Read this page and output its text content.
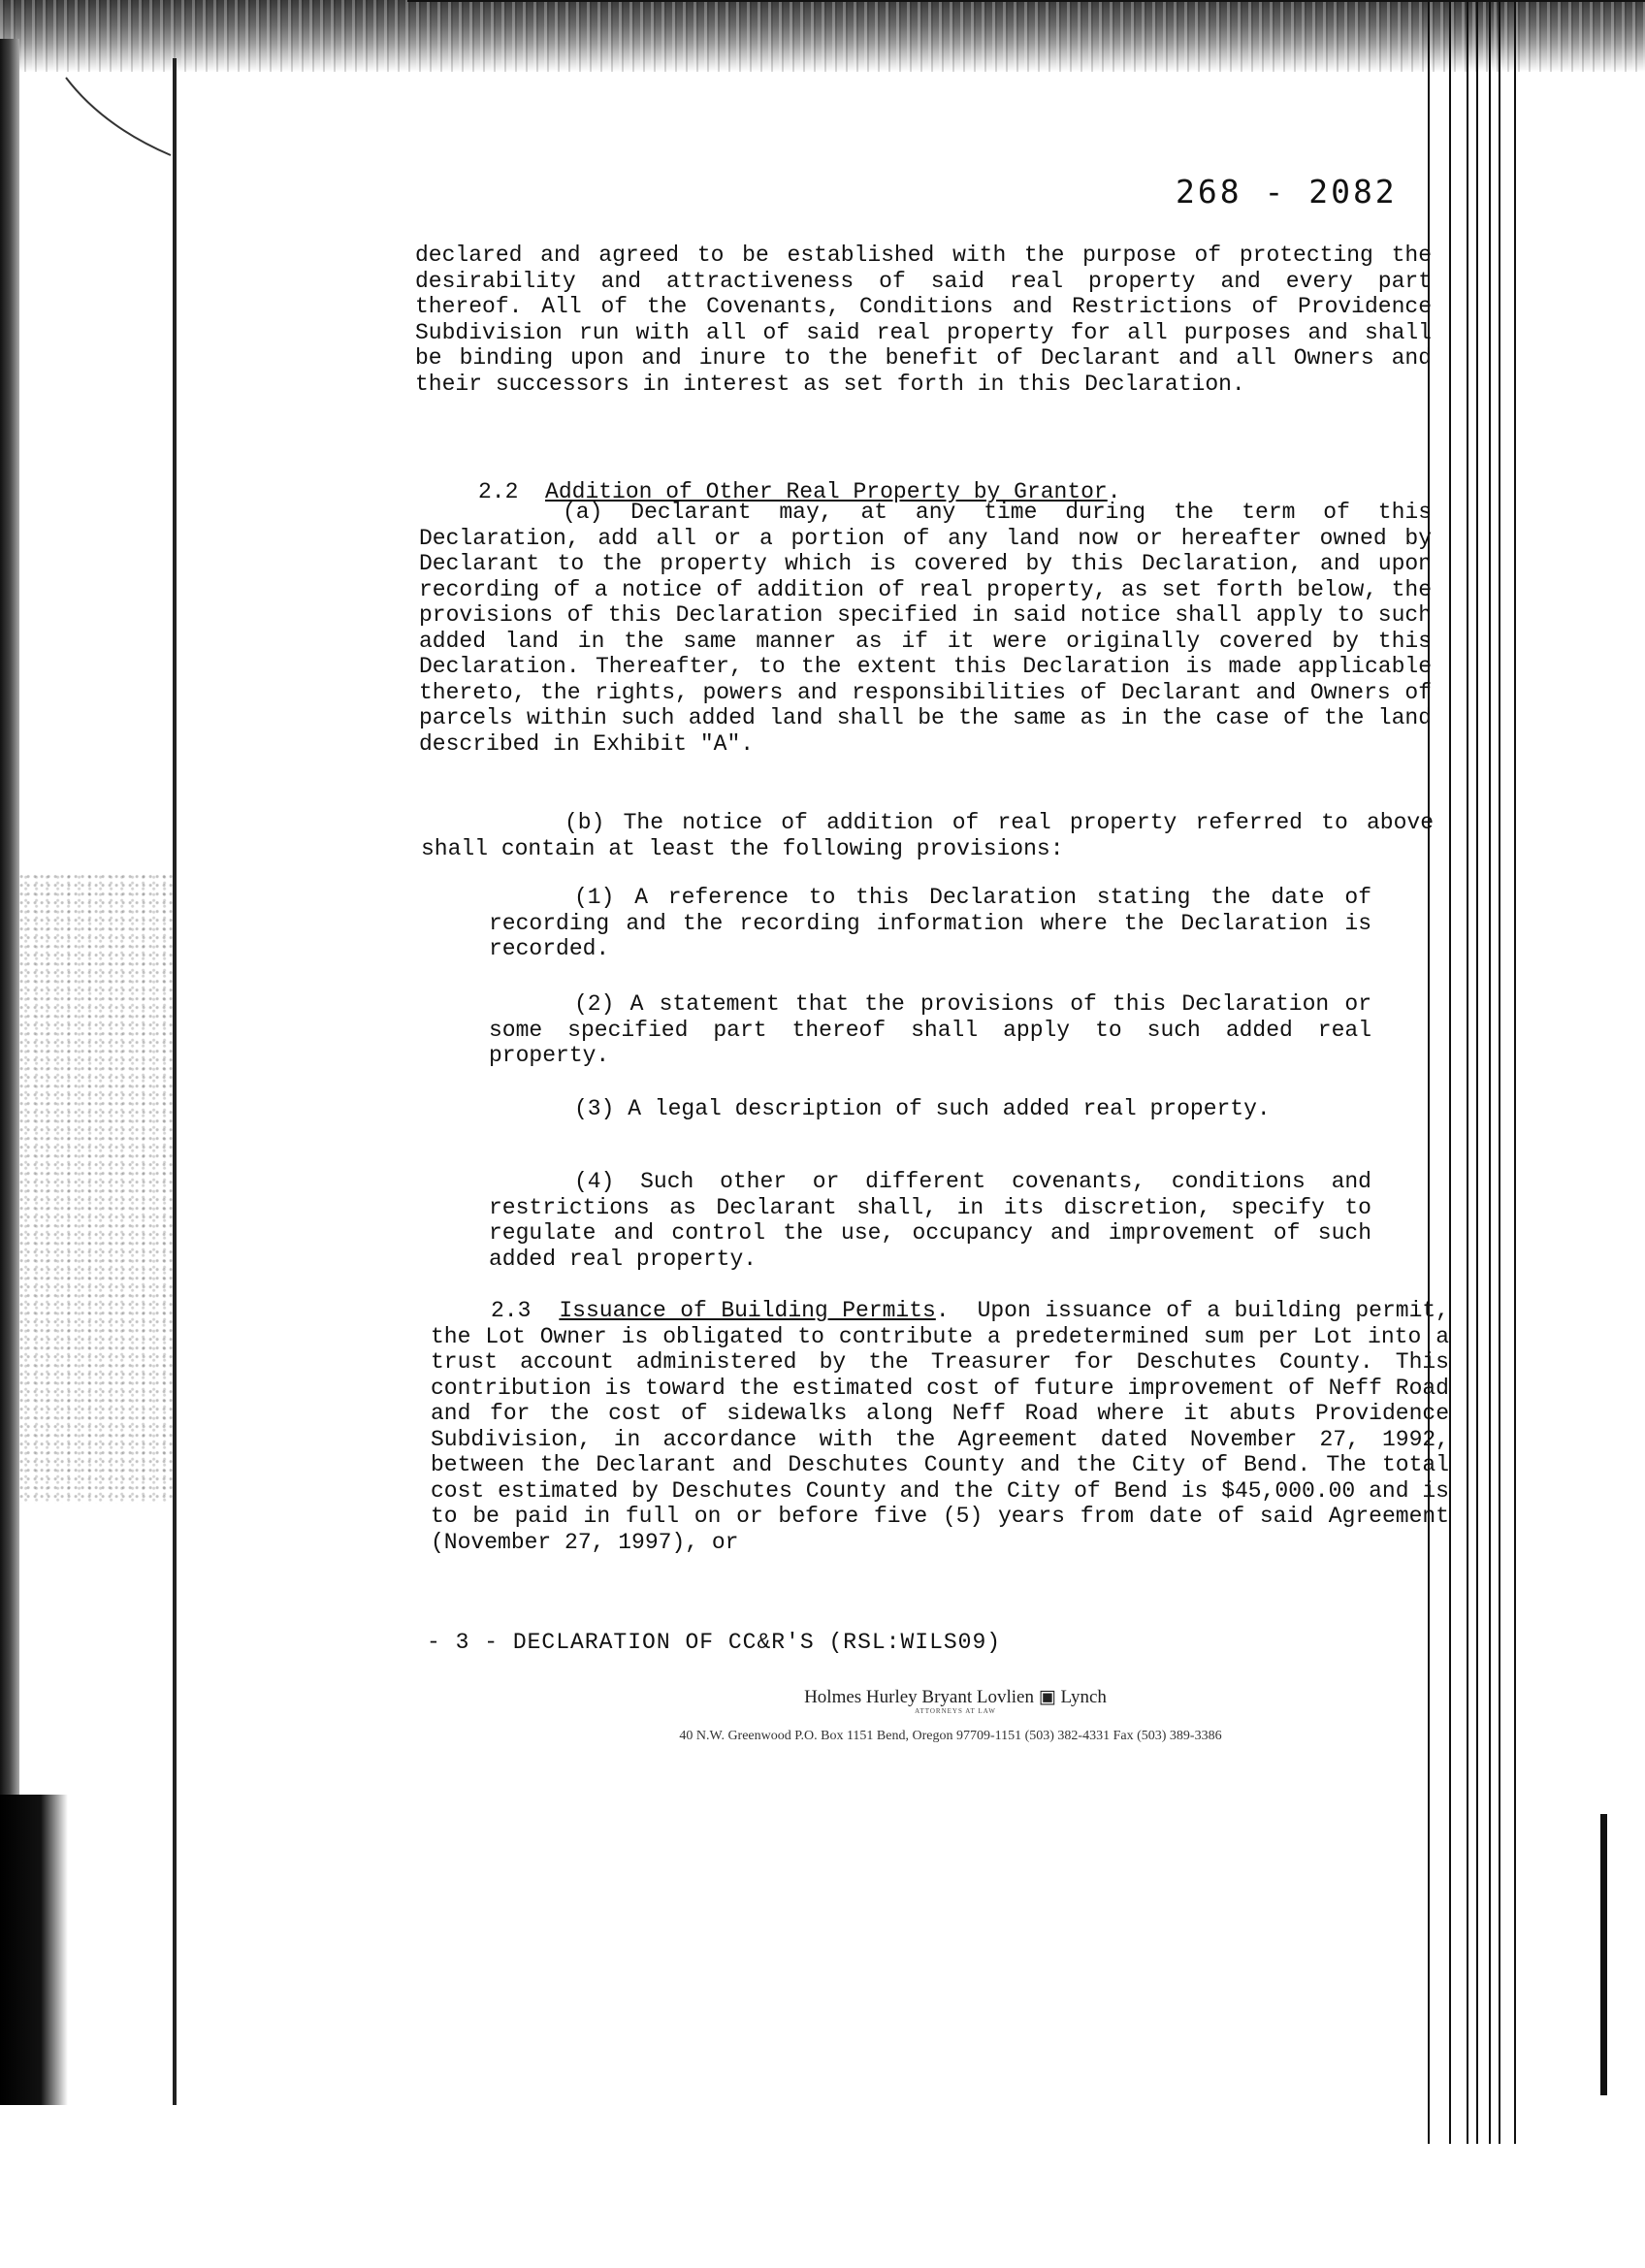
268 - 2082

declared and agreed to be established with the purpose of protecting the desirability and attractiveness of said real property and every part thereof. All of the Covenants, Conditions and Restrictions of Providence Subdivision run with all of said real property for all purposes and shall be binding upon and inure to the benefit of Declarant and all Owners and their successors in interest as set forth in this Declaration.

2.2 Addition of Other Real Property by Grantor.

(a) Declarant may, at any time during the term of this Declaration, add all or a portion of any land now or hereafter owned by Declarant to the property which is covered by this Declaration, and upon recording of a notice of addition of real property, as set forth below, the provisions of this Declaration specified in said notice shall apply to such added land in the same manner as if it were originally covered by this Declaration. Thereafter, to the extent this Declaration is made applicable thereto, the rights, powers and responsibilities of Declarant and Owners of parcels within such added land shall be the same as in the case of the land described in Exhibit "A".

(b) The notice of addition of real property referred to above shall contain at least the following provisions:

(1) A reference to this Declaration stating the date of recording and the recording information where the Declaration is recorded.

(2) A statement that the provisions of this Declaration or some specified part thereof shall apply to such added real property.

(3) A legal description of such added real property.

(4) Such other or different covenants, conditions and restrictions as Declarant shall, in its discretion, specify to regulate and control the use, occupancy and improvement of such added real property.

2.3 Issuance of Building Permits.  Upon issuance of a building permit, the Lot Owner is obligated to contribute a predetermined sum per Lot into a trust account administered by the Treasurer for Deschutes County. This contribution is toward the estimated cost of future improvement of Neff Road and for the cost of sidewalks along Neff Road where it abuts Providence Subdivision, in accordance with the Agreement dated November 27, 1992, between the Declarant and Deschutes County and the City of Bend. The total cost estimated by Deschutes County and the City of Bend is $45,000.00 and is to be paid in full on or before five (5) years from date of said Agreement (November 27, 1997), or

- 3 - DECLARATION OF CC&R'S (RSL:WILS09)
Holmes Hurley Bryant Lovlien ▣ Lynch
ATTORNEYS AT LAW
40 N.W. Greenwood P.O. Box 1151 Bend, Oregon 97709-1151 (503) 382-4331 Fax (503) 389-3386
